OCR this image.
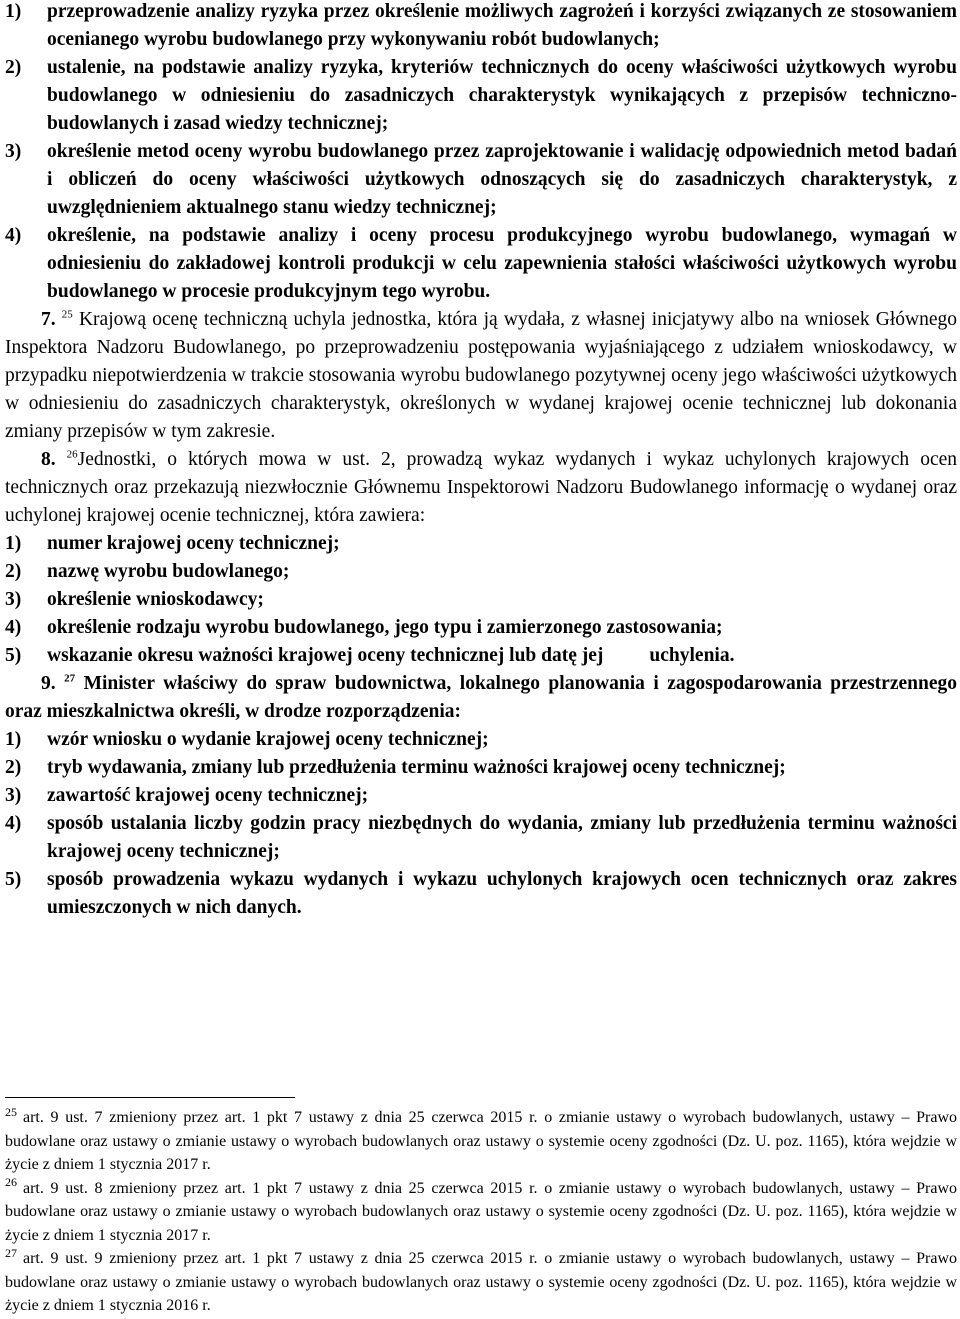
1) przeprowadzenie analizy ryzyka przez określenie możliwych zagrożeń i korzyści związanych ze stosowaniem ocenianego wyrobu budowlanego przy wykonywaniu robót budowlanych;
2) ustalenie, na podstawie analizy ryzyka, kryteriów technicznych do oceny właściwości użytkowych wyrobu budowlanego w odniesieniu do zasadniczych charakterystyk wynikających z przepisów techniczno-budowlanych i zasad wiedzy technicznej;
3) określenie metod oceny wyrobu budowlanego przez zaprojektowanie i walidację odpowiednich metod badań i obliczeń do oceny właściwości użytkowych odnoszących się do zasadniczych charakterystyk, z uwzględnieniem aktualnego stanu wiedzy technicznej;
4) określenie, na podstawie analizy i oceny procesu produkcyjnego wyrobu budowlanego, wymagań w odniesieniu do zakładowej kontroli produkcji w celu zapewnienia stałości właściwości użytkowych wyrobu budowlanego w procesie produkcyjnym tego wyrobu.

7. $^{25}$ Krajową ocenę techniczną uchyla jednostka, która ją wydała, z własnej inicjatywy albo na wniosek Głównego Inspektora Nadzoru Budowlanego, po przeprowadzeniu postępowania wyjaśniającego z udziałem wnioskodawcy, w przypadku niepotwierdzenia w trakcie stosowania wyrobu budowlanego pozytywnej oceny jego właściwości użytkowych w odniesieniu do zasadniczych charakterystyk, określonych w wydanej krajowej ocenie technicznej lub dokonania zmiany przepisów w tym zakresie.

8. $^{26}$Jednostki, o których mowa w ust. 2, prowadzą wykaz wydanych i wykaz uchylonych krajowych ocen technicznych oraz przekazują niezwłocznie Głównemu Inspektorowi Nadzoru Budowlanego informację o wydanej oraz uchylonej krajowej ocenie technicznej, która zawiera:

1) numer krajowej oceny technicznej;
2) nazwę wyrobu budowlanego;
3) określenie wnioskodawcy;
4) określenie rodzaju wyrobu budowlanego, jego typu i zamierzonego zastosowania;
5) wskazanie okresu ważności krajowej oceny technicznej lub datę jej uchylenia.

9. $^{27}$ Minister właściwy do spraw budownictwa, lokalnego planowania i zagospodarowania przestrzennego oraz mieszkalnictwa określi, w drodze rozporządzenia:

1) wzór wniosku o wydanie krajowej oceny technicznej;
2) tryb wydawania, zmiany lub przedłużenia terminu ważności krajowej oceny technicznej;
3) zawartość krajowej oceny technicznej;
4) sposób ustalania liczby godzin pracy niezbędnych do wydania, zmiany lub przedłużenia terminu ważności krajowej oceny technicznej;
5) sposób prowadzenia wykazu wydanych i wykazu uchylonych krajowych ocen technicznych oraz zakres umieszczonych w nich danych.

$^{25}$ art. 9 ust. 7 zmieniony przez art. 1 pkt 7 ustawy z dnia 25 czerwca 2015 r. o zmianie ustawy o wyrobach budowlanych, ustawy – Prawo budowlane oraz ustawy o zmianie ustawy o wyrobach budowlanych oraz ustawy o systemie oceny zgodności (Dz. U. poz. 1165), która wejdzie w życie z dniem 1 stycznia 2017 r.

$^{26}$ art. 9 ust. 8 zmieniony przez art. 1 pkt 7 ustawy z dnia 25 czerwca 2015 r. o zmianie ustawy o wyrobach budowlanych, ustawy – Prawo budowlane oraz ustawy o zmianie ustawy o wyrobach budowlanych oraz ustawy o systemie oceny zgodności (Dz. U. poz. 1165), która wejdzie w życie z dniem 1 stycznia 2017 r.

$^{27}$ art. 9 ust. 9 zmieniony przez art. 1 pkt 7 ustawy z dnia 25 czerwca 2015 r. o zmianie ustawy o wyrobach budowlanych, ustawy – Prawo budowlane oraz ustawy o zmianie ustawy o wyrobach budowlanych oraz ustawy o systemie oceny zgodności (Dz. U. poz. 1165), która wejdzie w życie z dniem 1 stycznia 2016 r.
